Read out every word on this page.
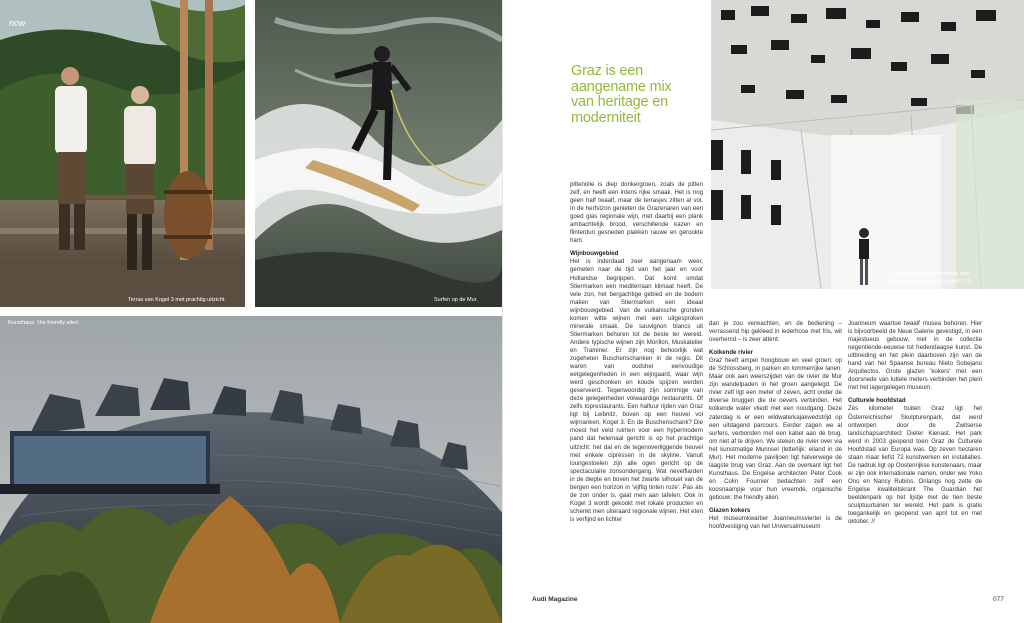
now
Terras van Kogel 3 met prachtig uitzicht.	Surfen op de Mur.
Kunsthaus: 'the friendly alien'.
De entree van het Kunsthaus van
tijde van de expositie Trigon 67/17.
Graz is een aangename mix van heritage en moderniteit

pittenolie is diep donkergroen, zoals de pitten zelf, en heeft een intens rijke smaak. Het is nog geen half twaalf, maar de terrasjes zitten al vol. In de herfstzon genieten de Grazenaren van een goed glas regionale wijn, met daarbij een plank ambachtelijk brood, verschillende kazen en flinterdun gesneden plakken rauwe en gerookte ham.

Wijnbouwgebied

Het is inderdaad zeer aangenaam weer, gemeten naar de tijd van het jaar en voor Hollandse begrippen. Dat komt omdat Stiermarken een mediterraan klimaat heeft. De vele zon, het bergachtige gebied en de bodem maken van Stiermarken een ideaal wijnbouwgebied. Van de vulkanische gronden komen witte wijnen met een uitgesproken minerale smaak. De sauvignon blancs uit Stiermarken behoren tot de beste ter wereld. Andere typische wijnen zijn Morillon, Muskateller en Traminer. Er zijn nog behoorlijk wat zogeheten Buschenschanken in de regio. Dit waren van oudsher eenvoudige eetgelegenheden in een wijngaard, waar wijn werd geschonken en koude spijzen werden geserveerd. Tegenwoordig zijn sommige van deze gelegenheden volwaardige restaurants. Of zelfs toprestaurants. Een halfuur rijden van Graz ligt bij Leibnitz, boven op een heuvel vol wijnranken, Kogel 3. En de Buschenschank? Die moest het veld ruimen voor een hypermodern pand dat helemaal gericht is op het prachtige uitzicht: het dal en de tegenoverliggende heuvel met enkele cipressen in de skyline. Vanuit loungestoelen zijn alle ogen gericht op de spectaculaire zonsondergang. Wat nevelflarden in de diepte en boven het zwarte silhouet van de bergen een horizon in 'vijftig tinten roze'. Pas als de zon onder is, gaat men aan tafelen. Ook in Kogel 3 wordt gekookt met lokale producten en schenkt men uiteraard regionale wijnen. Het eten is verfijnd en lichter

dan je zou verwachten, en de bediening – verrassend hip gekleed in lederhose met fris, wit overhemd – is zeer attent.

Kolkende rivier

Graz heeft amper hoogbouw en veel groen: op de Schlossberg, in parken en lommerrijke lanen. Maar ook aan weerszijden van de rivier de Mur zijn wandelpaden in het groen aangelegd. De rivier zelf ligt een meter of zeven, acht onder de diverse bruggen die de oevers verbinden. Het kolkende water vliedt met een noodgang. Deze zaterdag is er een wildwaterkajakwedstrijd op een uitdagend parcours. Eerder zagen we al surfers, verbonden met een kabel aan de brug, om niet af te drijven. We steken de rivier over via het kunstmatige Murinsel (letterlijk: eiland in de Mur). Het moderne paviljoen ligt halverwege de laagste brug van Graz. Aan de overkant ligt het Kunsthaus. De Engelse architecten Peter Cook en Colin Fournier bedachten zelf een koosnaampje voor hun vreemde, organische gebouw: the friendly alien.

Glazen kokers

Het museumkwartier Joanneumsviertel is de hoofdvestiging van het Universalmuseum

Joanneum waartoe twaalf musea behoren. Hier is bijvoorbeeld de Neue Galerie gevestigd, in een majestueus gebouw, met in de collectie negentiende-eeuwse tot hedendaagse kunst. De uitbreiding en het plein daarboven zijn van de hand van het Spaanse bureau Nieto Sobejano Arquitectos. Grote glazen 'kokers' met een doorsnede van luttele meters verbinden het plein met het lagergelegen museum.

Culturele hoofdstad

Zes kilometer buiten Graz ligt het Österreichischer Skulpturenpark, dat werd ontworpen door de Zwitserse landschapsarchitect Dieter Kienast. Het park werd in 2003 geopend toen Graz de Culturele Hoofdstad van Europa was. Op zeven hectaren staan maar liefst 72 kunstwerken en installaties. De nadruk ligt op Oostenrijkse kunstenaars, maar er zijn ook internationale namen, onder wie Yoko Ono en Nancy Rubins. Onlangs nog zette de Engelse kwaliteitskrant The Guardian het beeldenpark op het lijstje met de tien beste sculptuurtuinen ter wereld. Het park is gratis toegankelijk en geopend van april tot en met oktober. //

Audi Magazine	077
